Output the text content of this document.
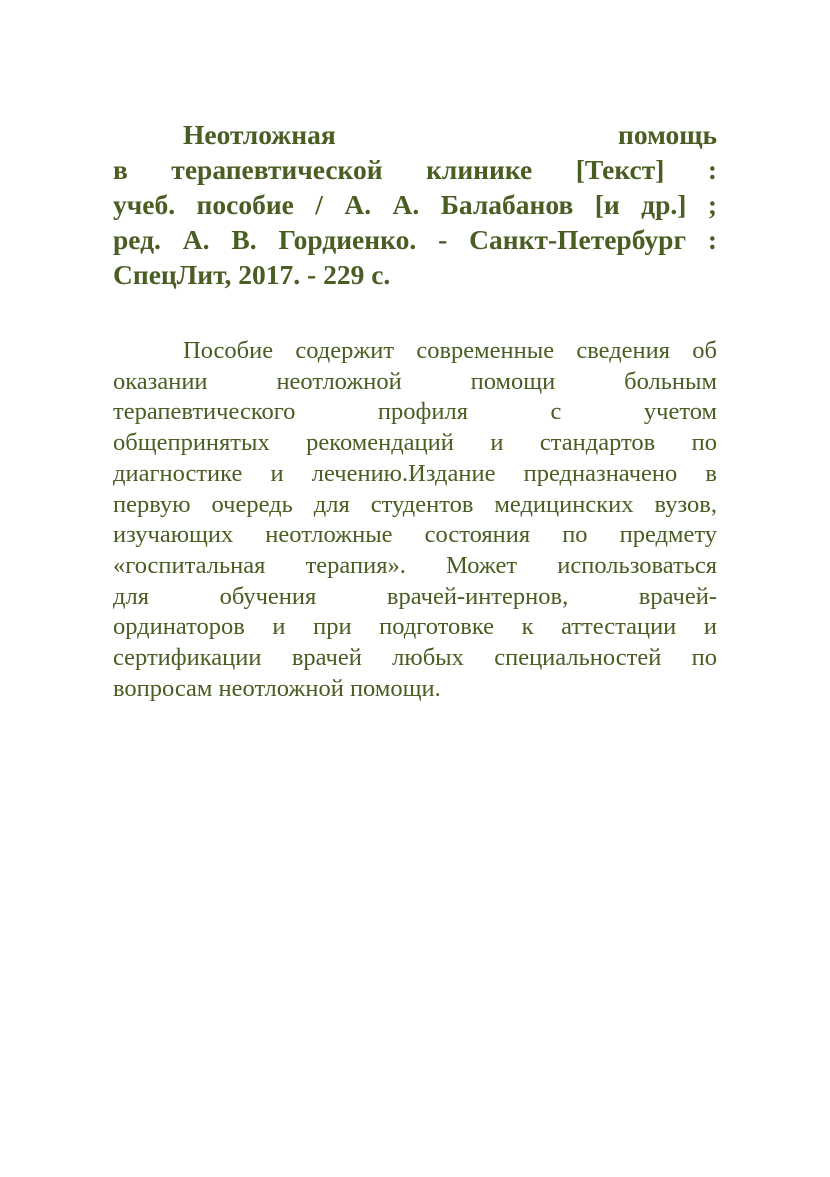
Неотложная помощь

в терапевтической клинике [Текст] :

учеб. пособие / А. А. Балабанов [и др.] ;

ред. А. В. Гордиенко. - Санкт-Петербург :

СпецЛит, 2017. - 229 с.

Пособие содержит современные сведения об

оказании неотложной помощи больным

терапевтического профиля с учетом

общепринятых рекомендаций и стандартов по

диагностике и лечению.Издание предназначено в

первую очередь для студентов медицинских вузов,

изучающих неотложные состояния по предмету

«госпитальная терапия». Может использоваться

для обучения врачей-интернов, врачей-

ординаторов и при подготовке к аттестации и

сертификации врачей любых специальностей по

вопросам неотложной помощи.
